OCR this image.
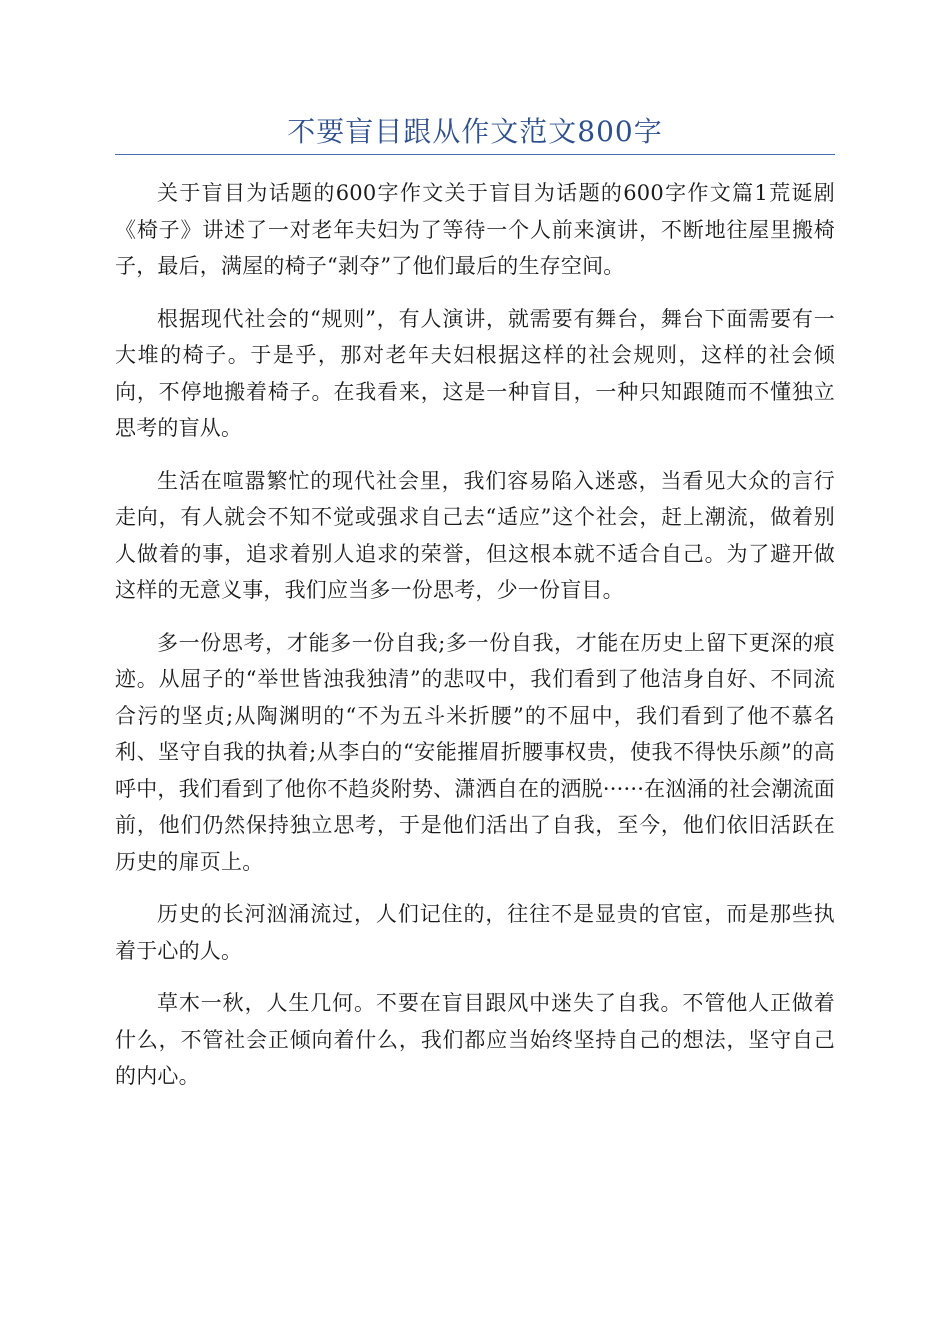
不要盲目跟从作文范文800字

关于盲目为话题的600字作文关于盲目为话题的600字作文篇1荒诞剧《椅子》讲述了一对老年夫妇为了等待一个人前来演讲，不断地往屋里搬椅子，最后，满屋的椅子“剥夺”了他们最后的生存空间。

根据现代社会的“规则”，有人演讲，就需要有舞台，舞台下面需要有一大堆的椅子。于是乎，那对老年夫妇根据这样的社会规则，这样的社会倾向，不停地搬着椅子。在我看来，这是一种盲目，一种只知跟随而不懂独立思考的盲从。

生活在喧嚣繁忙的现代社会里，我们容易陷入迷惑，当看见大众的言行走向，有人就会不知不觉或强求自己去“适应”这个社会，赶上潮流，做着别人做着的事，追求着别人追求的荣誉，但这根本就不适合自己。为了避开做这样的无意义事，我们应当多一份思考，少一份盲目。

多一份思考，才能多一份自我;多一份自我，才能在历史上留下更深的痕迹。从屈子的“举世皆浊我独清”的悲叹中，我们看到了他洁身自好、不同流合污的坚贞;从陶渊明的“不为五斗米折腰”的不屈中，我们看到了他不慕名利、坚守自我的执着;从李白的“安能摧眉折腰事权贵，使我不得快乐颜”的高呼中，我们看到了他你不趋炎附势、潇洒自在的洒脱······在汹涌的社会潮流面前，他们仍然保持独立思考，于是他们活出了自我，至今，他们依旧活跃在历史的扉页上。

历史的长河汹涌流过，人们记住的，往往不是显贵的官宦，而是那些执着于心的人。

草木一秋，人生几何。不要在盲目跟风中迷失了自我。不管他人正做着什么，不管社会正倾向着什么，我们都应当始终坚持自己的想法，坚守自己的内心。
